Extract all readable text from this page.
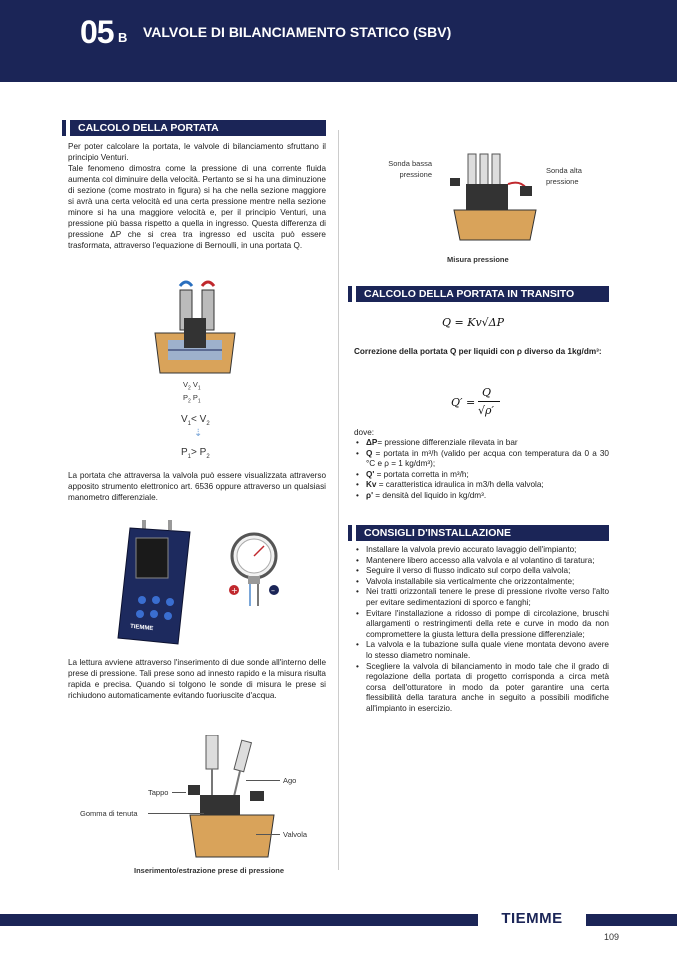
05 B VALVOLE DI BILANCIAMENTO STATICO (SBV)
CALCOLO DELLA PORTATA

Per poter calcolare la portata, le valvole di bilanciamento sfruttano il principio Venturi.

Tale fenomeno dimostra come la pressione di una corrente fluida aumenta col diminuire della velocità. Pertanto se si ha una diminuzione di sezione (come mostrato in figura) si ha che nella sezione maggiore si avrà una certa velocità ed una certa pressione mentre nella sezione minore si ha una maggiore velocità e, per il principio Venturi, una pressione più bassa rispetto a quella in ingresso. Questa differenza di pressione ΔP che si crea tra ingresso ed uscita può essere trasformata, attraverso l'equazione di Bernoulli, in una portata Q.

$V_2$ $V_1$
$P_2$ $P_1$
$V_1< V_2$
⇣
$P_1> P_2$
La portata che attraversa la valvola può essere visualizzata attraverso apposito strumento elettronico art. 6536 oppure attraverso un qualsiasi manometro differenziale.
TIEMME
+	–
La lettura avviene attraverso l'inserimento di due sonde all'interno delle prese di pressione. Tali prese sono ad innesto rapido e la misura risulta rapida e precisa. Quando si tolgono le sonde di misura le prese si richiudono automaticamente evitando fuoriuscite d'acqua.
Tappo
Gomma di tenuta
Ago
Valvola
Inserimento/estrazione prese di pressione
Sonda bassa pressione	Sonda alta pressione
Misura pressione
CALCOLO DELLA PORTATA IN TRANSITO
Q = Kv√ΔP
Correzione della portata Q per liquidi con ρ diverso da 1kg/dm³:
Q′ =
Q
√ρ′
dove:
• ΔP= pressione differenziale rilevata in bar
• Q = portata in m³/h (valido per acqua con temperatura da 0 a 30 °C e ρ = 1 kg/dm³);
• Q' = portata corretta in m³/h;
• Kv = caratteristica idraulica in m3/h della valvola;
• ρ' = densità del liquido in kg/dm³.
CONSIGLI D'INSTALLAZIONE
• Installare la valvola previo accurato lavaggio dell'impianto;
• Mantenere libero accesso alla valvola e al volantino di taratura;
• Seguire il verso di flusso indicato sul corpo della valvola;
• Valvola installabile sia verticalmente che orizzontalmente;
• Nei tratti orizzontali tenere le prese di pressione rivolte verso l'alto per evitare sedimentazioni di sporco e fanghi;
• Evitare l'installazione a ridosso di pompe di circolazione, bruschi allargamenti o restringimenti della rete e curve in modo da non compromettere la giusta lettura della pressione differenziale;
• La valvola e la tubazione sulla quale viene montata devono avere lo stesso diametro nominale.
• Scegliere la valvola di bilanciamento in modo tale che il grado di regolazione della portata di progetto corrisponda a circa metà corsa dell'otturatore in modo da poter garantire una certa flessibilità della taratura anche in seguito a possibili modifiche all'impianto in esercizio.
TIEMME
109
